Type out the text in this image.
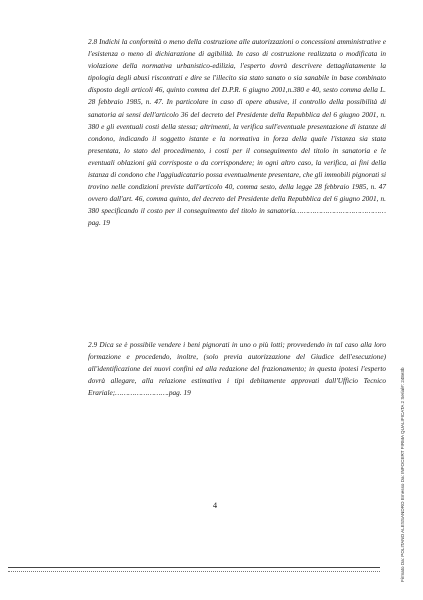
2.8 Indichi la conformità o meno della costruzione alle autorizzazioni o concessioni amministrative e l'esistenza o meno di dichiarazione di agibilità. In caso di costruzione realizzata o modificata in violazione della normativa urbanistico-edilizia, l'esperto dovrà descrivere dettagliatamente la tipologia degli abusi riscontrati e dire se l'illecito sia stato sanato o sia sanabile in base combinato disposto degli articoli 46, quinto comma del D.P.R. 6 giugno 2001,n.380 e 40, sesto comma della L. 28 febbraio 1985, n. 47. In particolare in caso di opere abusive, il controllo della possibilità di sanatoria ai sensi dell'articolo 36 del decreto del Presidente della Repubblica del 6 giugno 2001, n. 380 e gli eventuali costi della stessa; altrimenti, la verifica sull'eventuale presentazione di istanze di condono, indicando il soggetto istante e la normativa in forza della quale l'istanza sia stata presentata, lo stato del procedimento, i costi per il conseguimento del titolo in sanatoria e le eventuali oblazioni già corrisposte o da corrispondere; in ogni altro caso, la verifica, ai fini della istanza di condono che l'aggiudicatario possa eventualmente presentare, che gli immobili pignorati si trovino nelle condizioni previste dall'articolo 40, comma sesto, della legge 28 febbraio 1985, n. 47 ovvero dall'art. 46, comma quinto, del decreto del Presidente della Repubblica del 6 giugno 2001, n. 380 specificando il costo per il conseguimento del titolo in sanatoria……………………………………pag. 19

2.9 Dica se è possibile vendere i beni pignorati in uno o più lotti; provvedendo in tal caso alla loro formazione e procedendo, inoltre, (solo previa autorizzazione del Giudice dell'esecuzione) all'identificazione dei nuovi confini ed alla redazione del frazionamento; in questa ipotesi l'esperto dovrà allegare, alla relazione estimativa i tipi debitamente approvati dall'Ufficio Tecnico Erariale;…………………….pag. 19

4	Firmato Da: POLITANO ALESSANDRO Emesso Da: INFOCERT FIRMA QUALIFICATA 2 Serial#: 248e3b
